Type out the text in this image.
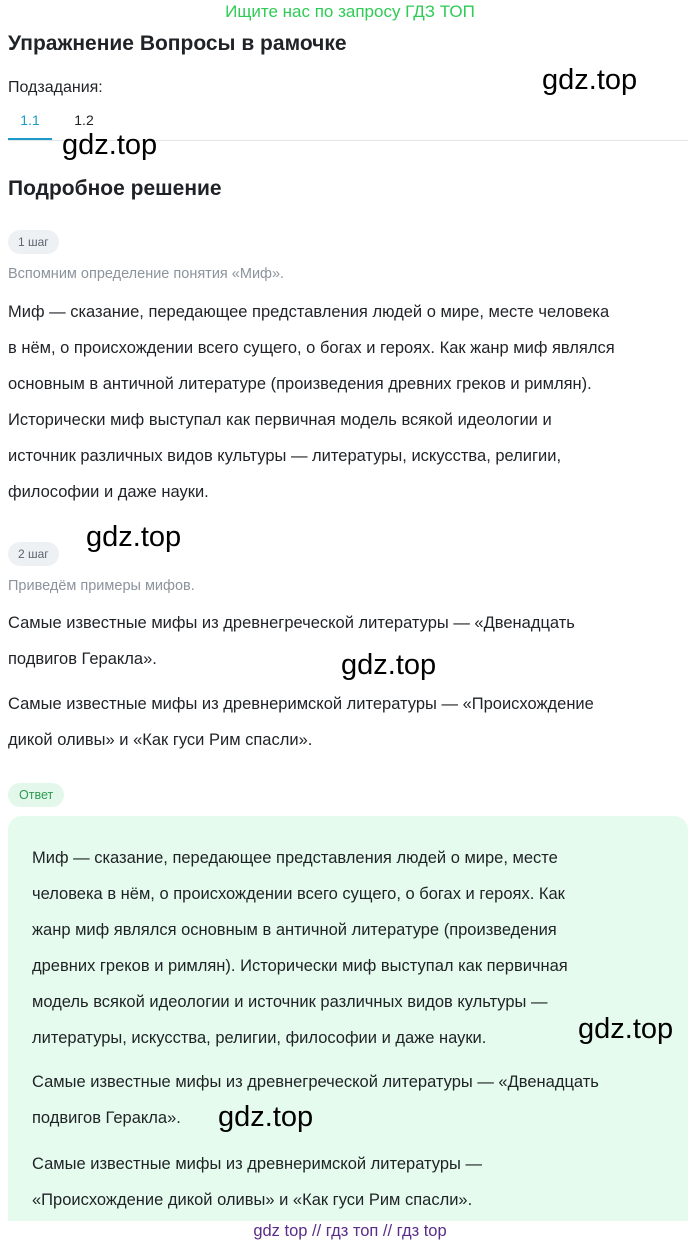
Ищите нас по запросу ГДЗ ТОП
Упражнение Вопросы в рамочке
Подзадания:
1.1	1.2
Подробное решение
1 шаг
Вспомним определение понятия «Миф».
Миф — сказание, передающее представления людей о мире, месте человека
в нём, о происхождении всего сущего, о богах и героях. Как жанр миф являлся
основным в античной литературе (произведения древних греков и римлян).
Исторически миф выступал как первичная модель всякой идеологии и
источник различных видов культуры — литературы, искусства, религии,
философии и даже науки.
2 шаг
Приведём примеры мифов.
Самые известные мифы из древнегреческой литературы — «Двенадцать
подвигов Геракла».
Самые известные мифы из древнеримской литературы — «Происхождение
дикой оливы» и «Как гуси Рим спасли».
Ответ
Миф — сказание, передающее представления людей о мире, месте
человека в нём, о происхождении всего сущего, о богах и героях. Как
жанр миф являлся основным в античной литературе (произведения
древних греков и римлян). Исторически миф выступал как первичная
модель всякой идеологии и источник различных видов культуры —
литературы, искусства, религии, философии и даже науки.
Самые известные мифы из древнегреческой литературы — «Двенадцать
подвигов Геракла».
Самые известные мифы из древнеримской литературы —
«Происхождение дикой оливы» и «Как гуси Рим спасли».
gdz.top
gdz.top
gdz.top
gdz.top
gdz.top
gdz.top
gdz top // гдз топ // гдз top
